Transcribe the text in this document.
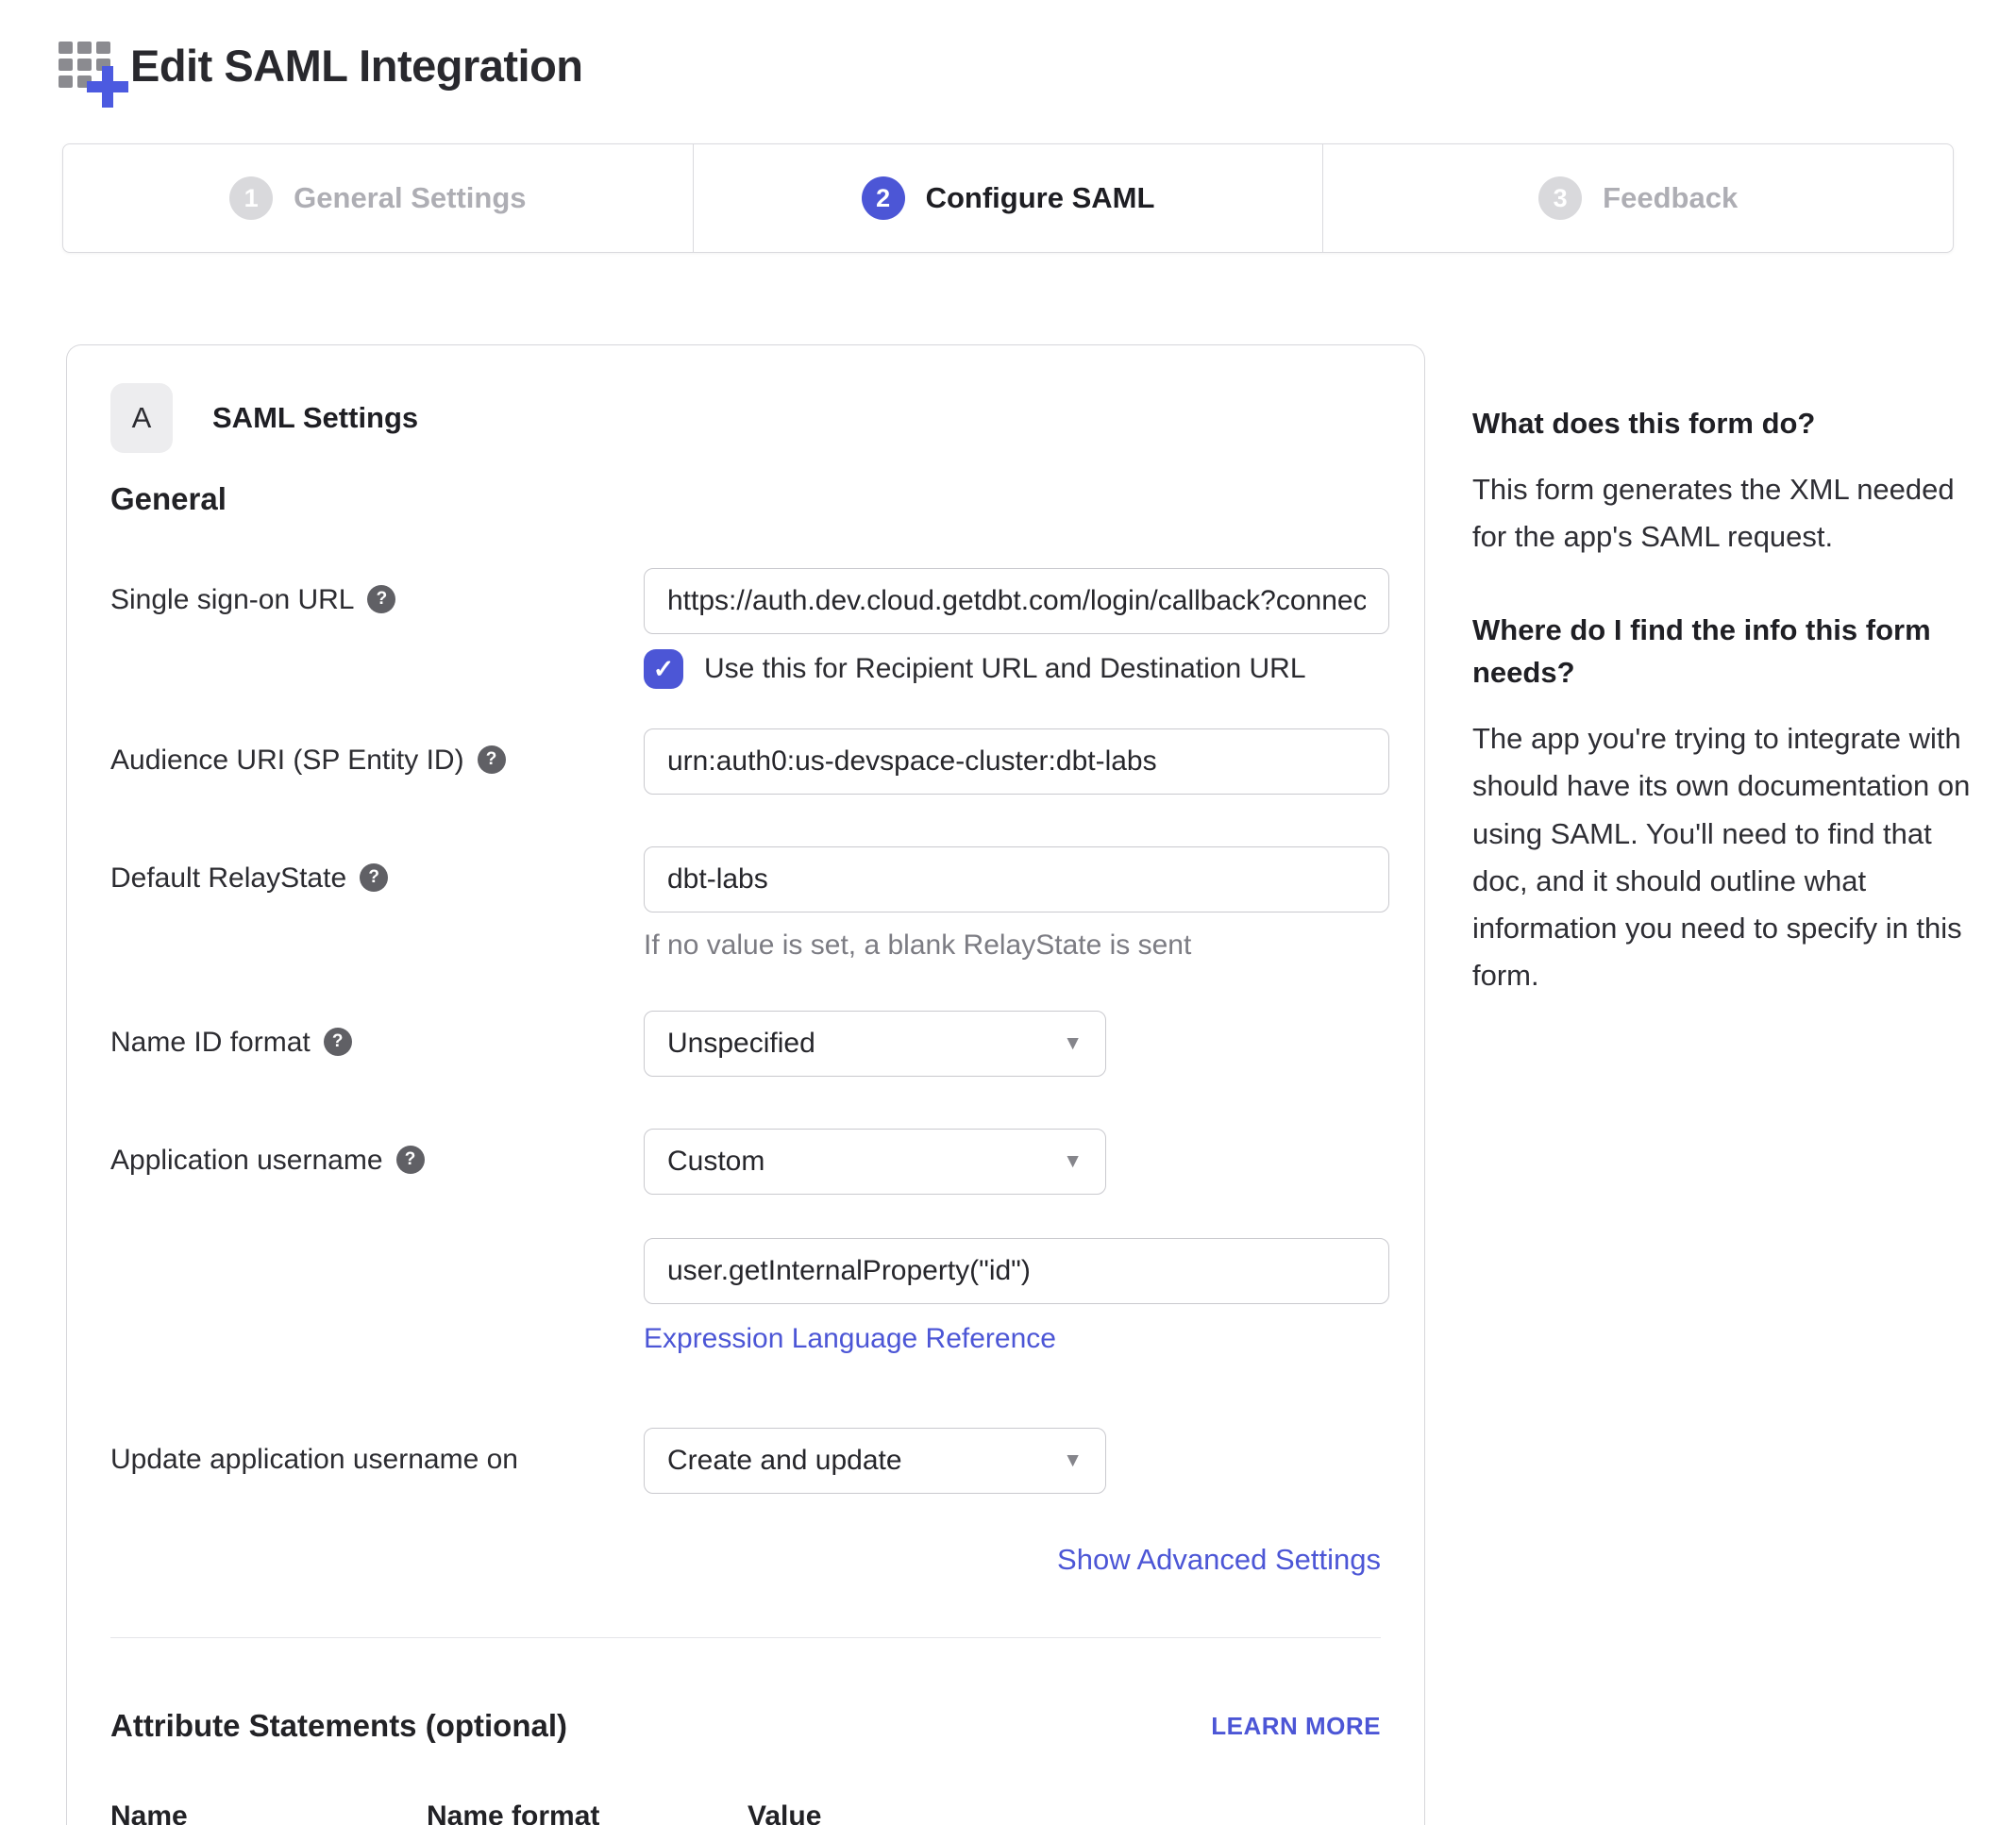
Edit SAML Integration
1	General Settings	2	Configure SAML	3	Feedback
A	SAML Settings
General
Single sign-on URL ?
https://auth.dev.cloud.getdbt.com/login/callback?connection
✓	Use this for Recipient URL and Destination URL
Audience URI (SP Entity ID) ?
urn:auth0:us-devspace-cluster:dbt-labs
Default RelayState ?
dbt-labs
If no value is set, a blank RelayState is sent
Name ID format ?	Unspecified	▼
Application username ?	Custom	▼
user.getInternalProperty("id") Expression Language Reference
Update application username on	Create and update	▼
Show Advanced Settings
Attribute Statements (optional)	LEARN MORE
Name	Name format	Value
What does this form do?
This form generates the XML needed for the app's SAML request.
Where do I find the info this form needs?
The app you're trying to integrate with should have its own documentation on using SAML. You'll need to find that doc, and it should outline what information you need to specify in this form.
